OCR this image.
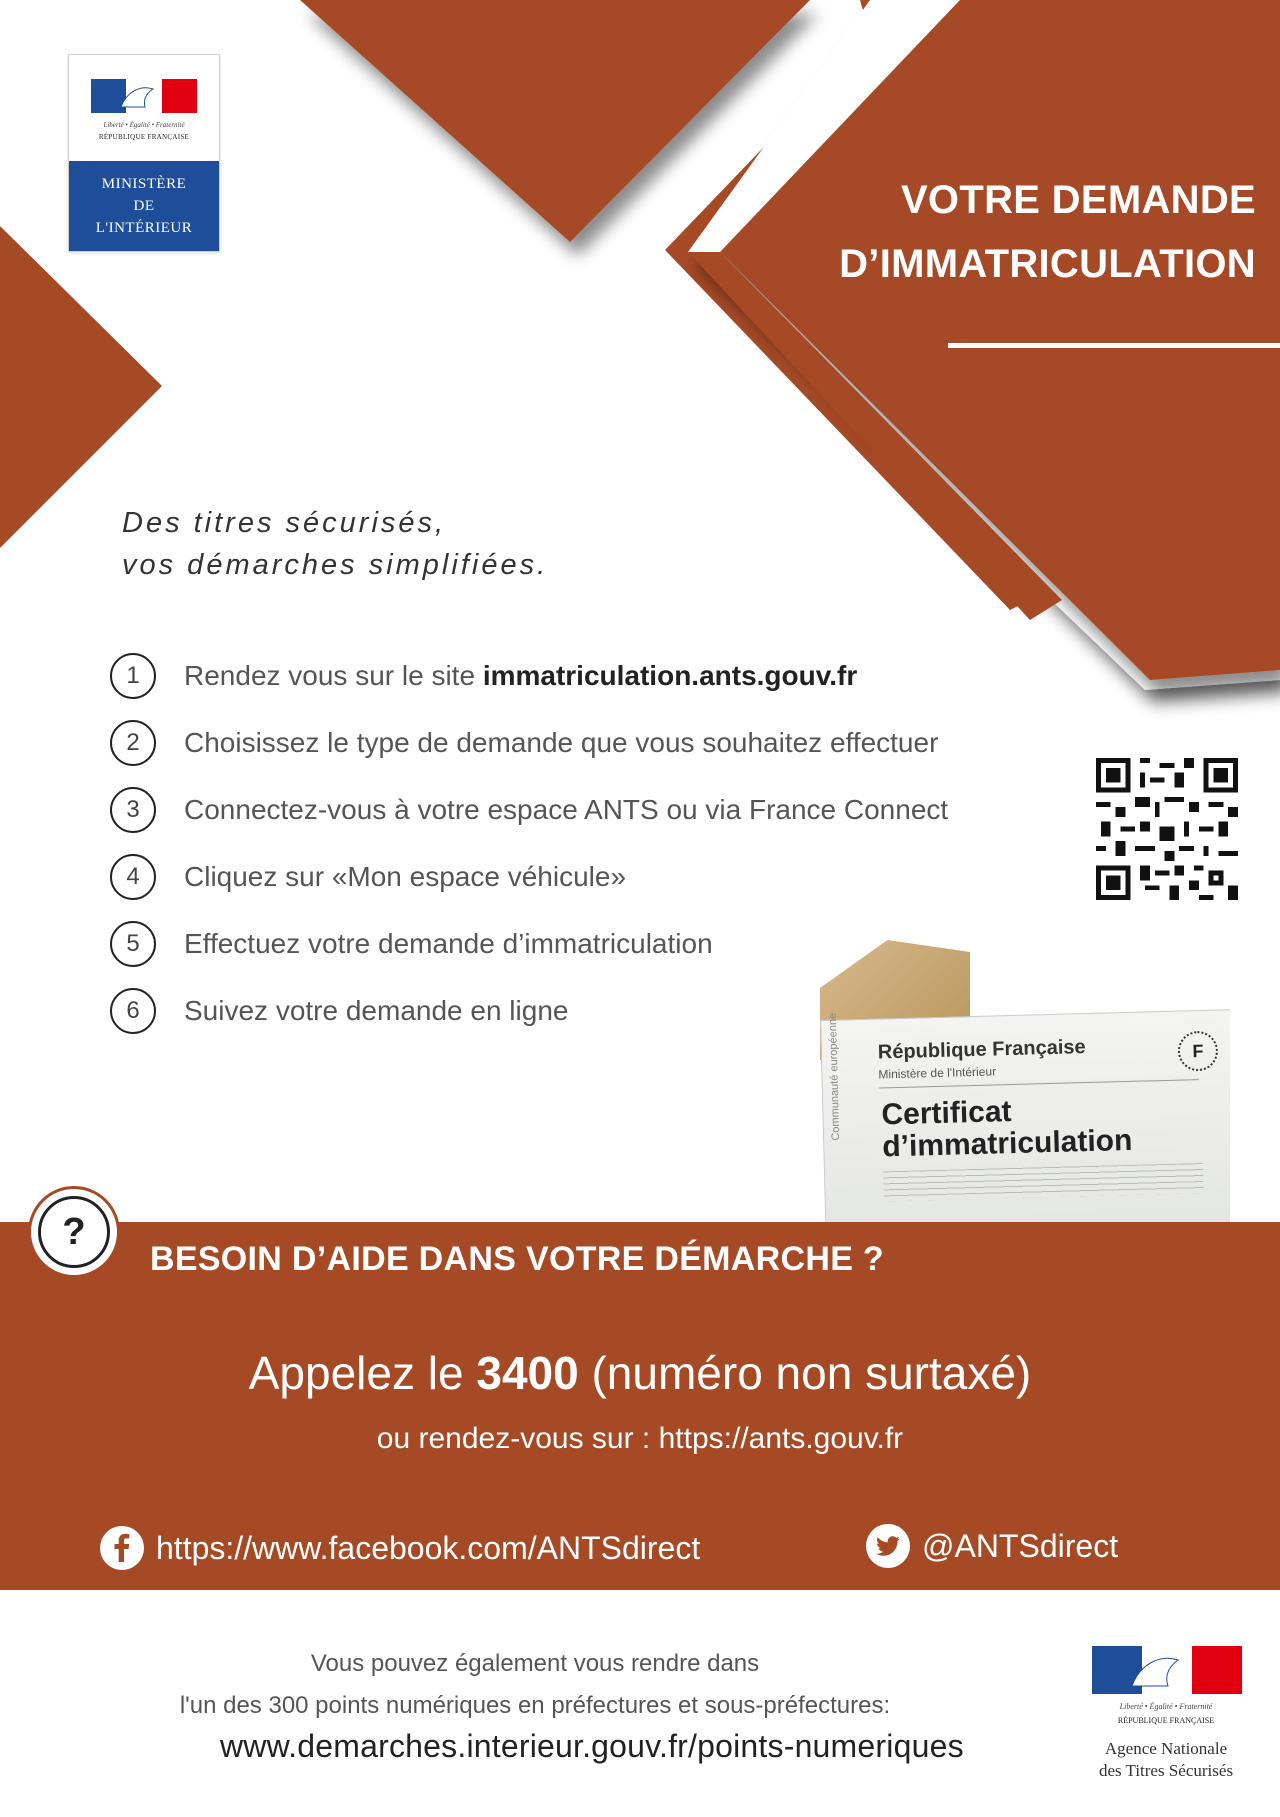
Liberté • Égalité • Fraternité
RÉPUBLIQUE FRANÇAISE
MINISTÈRE
DE
L'INTÉRIEUR
VOTRE DEMANDE
D’IMMATRICULATION
Des titres sécurisés,
vos démarches simplifiées.
1	Rendez vous sur le site immatriculation.ants.gouv.fr
2	Choisissez le type de demande que vous souhaitez effectuer
3	Connectez-vous à votre espace ANTS ou via France Connect
4	Cliquez sur «Mon espace véhicule»
5	Effectuez votre demande d’immatriculation
6	Suivez votre demande en ligne
Communauté européenne République Française
Ministère de l'Intérieur
F
Certificat
d’immatriculation
?
BESOIN D’AIDE DANS VOTRE DÉMARCHE ?
Appelez le 3400 (numéro non surtaxé)
ou rendez-vous sur : https://ants.gouv.fr
https://www.facebook.com/ANTSdirect	@ANTSdirect
Vous pouvez également vous rendre dans
l'un des 300 points numériques en préfectures et sous-préfectures:
www.demarches.interieur.gouv.fr/points-numeriques
Liberté • Égalité • Fraternité
RÉPUBLIQUE FRANÇAISE
Agence Nationale
des Titres Sécurisés
